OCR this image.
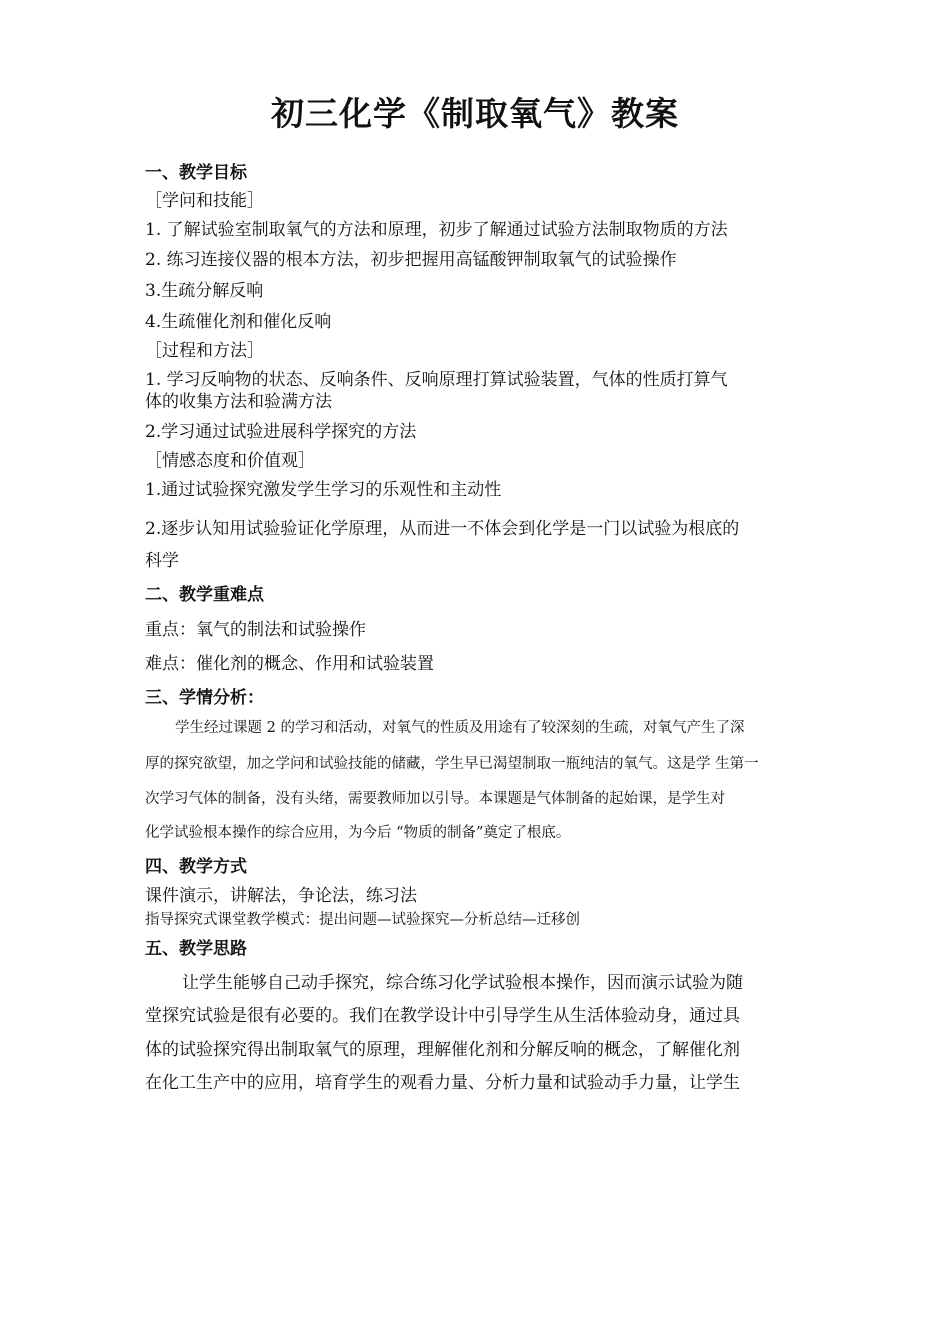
初三化学《制取氧气》教案
一、教学目标
［学问和技能］
1. 了解试验室制取氧气的方法和原理，初步了解通过试验方法制取物质的方法
2. 练习连接仪器的根本方法，初步把握用高锰酸钾制取氧气的试验操作
3.生疏分解反响
4.生疏催化剂和催化反响
［过程和方法］
1. 学习反响物的状态、反响条件、反响原理打算试验装置，气体的性质打算气
体的收集方法和验满方法
2.学习通过试验进展科学探究的方法
［情感态度和价值观］
1.通过试验探究激发学生学习的乐观性和主动性
2.逐步认知用试验验证化学原理，从而进一不体会到化学是一门以试验为根底的
科学
二、教学重难点
重点：氧气的制法和试验操作
难点：催化剂的概念、作用和试验装置
三、学情分析：
学生经过课题 2 的学习和活动，对氧气的性质及用途有了较深刻的生疏，对氧气产生了深
厚的探究欲望，加之学问和试验技能的储藏，学生早已渴望制取一瓶纯洁的氧气。这是学 生第一
次学习气体的制备，没有头绪，需要教师加以引导。本课题是气体制备的起始课，是学生对
化学试验根本操作的综合应用，为今后 “物质的制备”奠定了根底。
四、教学方式
课件演示，讲解法，争论法，练习法
指导探究式课堂教学模式：提出问题—试验探究—分析总结—迁移创
五、教学思路
让学生能够自己动手探究，综合练习化学试验根本操作，因而演示试验为随
堂探究试验是很有必要的。我们在教学设计中引导学生从生活体验动身，通过具
体的试验探究得出制取氧气的原理，理解催化剂和分解反响的概念，了解催化剂
在化工生产中的应用，培育学生的观看力量、分析力量和试验动手力量，让学生
